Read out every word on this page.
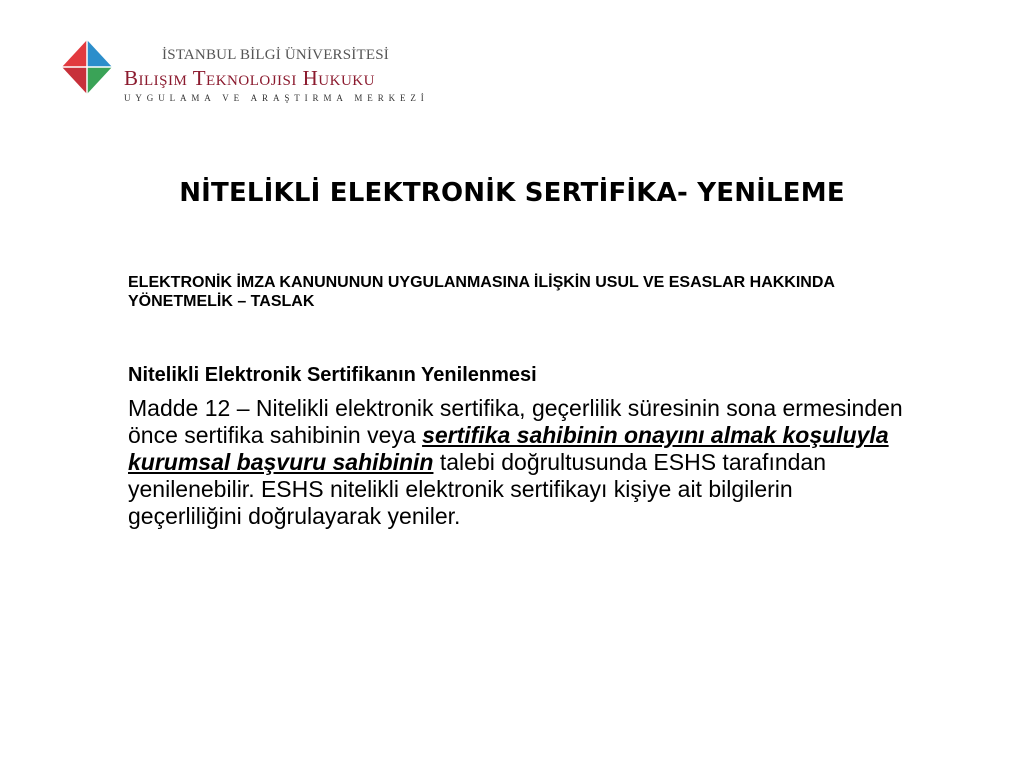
İSTANBUL BİLGİ ÜNİVERSİTESİ
Bilişim Teknolojisi Hukuku
UYGULAMA VE ARAŞTIRMA MERKEZİ
NİTELİKLİ ELEKTRONİK SERTİFİKA- YENİLEME

ELEKTRONİK İMZA KANUNUNUN UYGULANMASINA İLİŞKİN USUL VE ESASLAR HAKKINDA YÖNETMELİK – TASLAK

Nitelikli Elektronik Sertifikanın Yenilenmesi

Madde 12 – Nitelikli elektronik sertifika, geçerlilik süresinin sona ermesinden önce sertifika sahibinin veya sertifika sahibinin onayını almak koşuluyla kurumsal başvuru sahibinin talebi doğrultusunda ESHS tarafından yenilenebilir. ESHS nitelikli elektronik sertifikayı kişiye ait bilgilerin geçerliliğini doğrulayarak yeniler.
